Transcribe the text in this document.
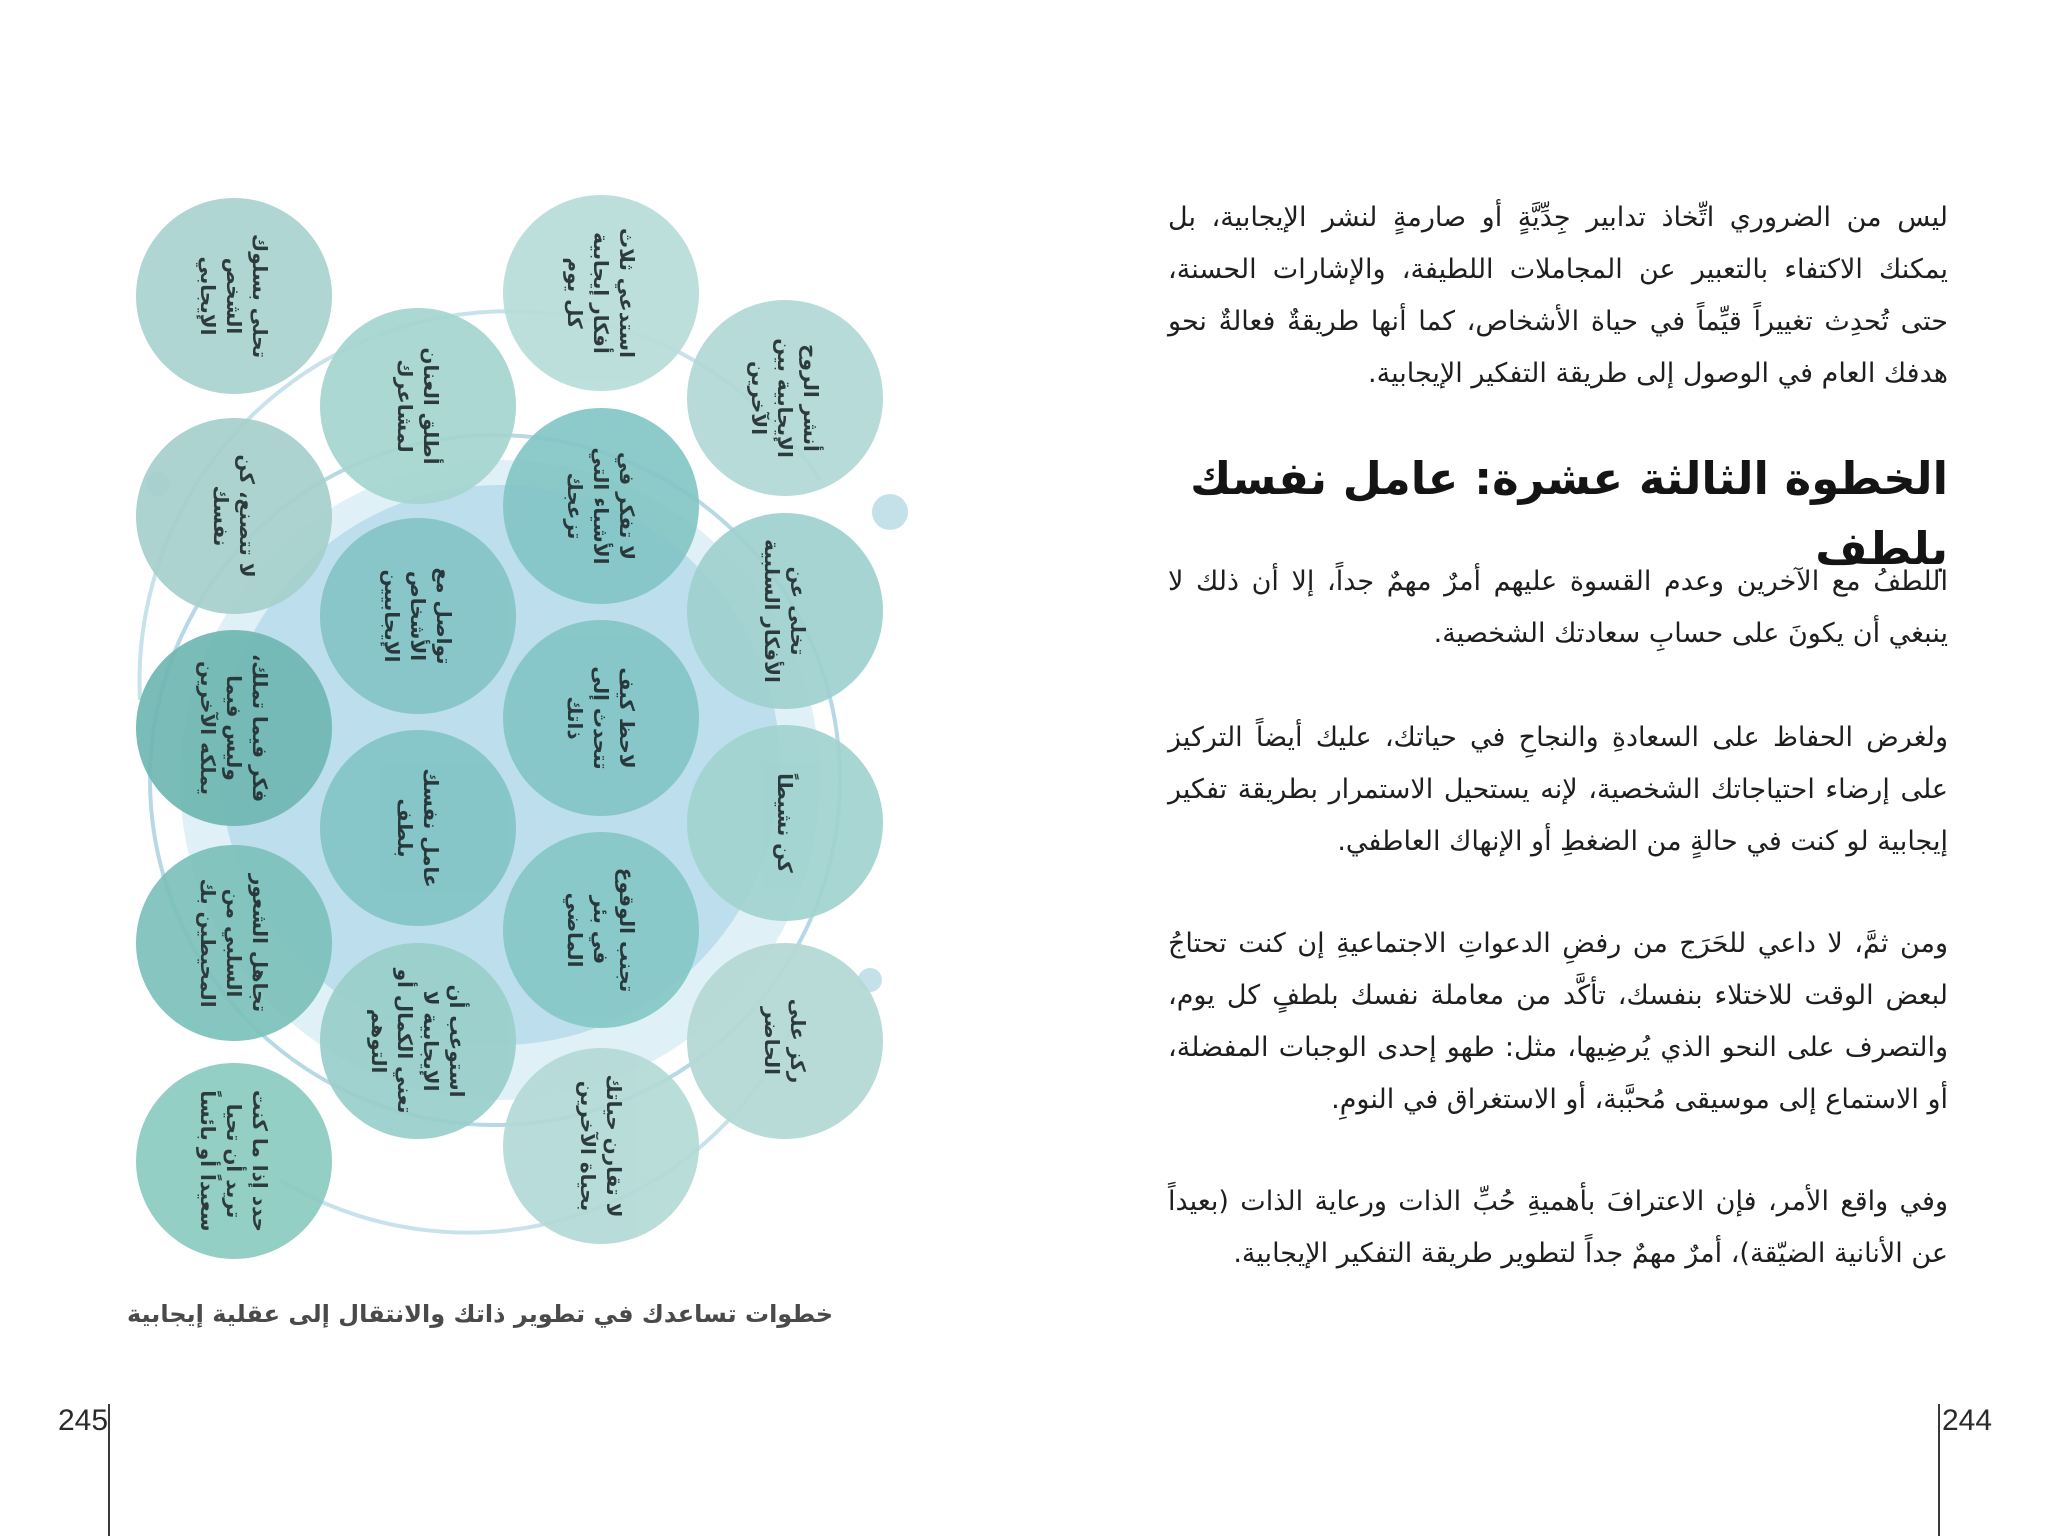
ليس من الضروري اتِّخاذ تدابير جِدِّيَّةٍ أو صارمةٍ لنشر الإيجابية، بل يمكنك الاكتفاء بالتعبير عن المجاملات اللطيفة، والإشارات الحسنة، حتى تُحدِث تغييراً قيِّماً في حياة الأشخاص، كما أنها طريقةٌ فعالةٌ نحو هدفك العام في الوصول إلى طريقة التفكير الإيجابية.
الخطوة الثالثة عشرة: عامل نفسك بلطف
اللطفُ مع الآخرين وعدم القسوة عليهم أمرٌ مهمٌ جداً، إلا أن ذلك لا ينبغي أن يكونَ على حسابِ سعادتك الشخصية.
ولغرض الحفاظ على السعادةِ والنجاحِ في حياتك، عليك أيضاً التركيز على إرضاء احتياجاتك الشخصية، لإنه يستحيل الاستمرار بطريقة تفكير إيجابية لو كنت في حالةٍ من الضغطِ أو الإنهاك العاطفي.
ومن ثمَّ، لا داعي للحَرَج من رفضِ الدعواتِ الاجتماعيةِ إن كنت تحتاجُ لبعض الوقت للاختلاء بنفسك، تأكَّد من معاملة نفسك بلطفٍ كل يوم، والتصرف على النحو الذي يُرضِيها، مثل: طهو إحدى الوجبات المفضلة، أو الاستماع إلى موسيقى مُحبَّبة، أو الاستغراق في النومِ.
وفي واقع الأمر، فإن الاعترافَ بأهميةِ حُبِّ الذات ورعاية الذات (بعيداً عن الأنانية الضيّقة)، أمرٌ مهمٌ جداً لتطوير طريقة التفكير الإيجابية.
244
تحلى بسلوك الشخص الإيجابي
لا تتصنع، كن نفسك
فكر فيما تملك، وليس فيما يملكه الآخرين
تجاهل الشعور السلبي من المحيطين بك
حدد إذا ما كنت تريد أن تحيا سعيداً أو بائساً
أطلق العنان لمشاعرك
تواصل مع الأشخاص الإيجابيين
عامل نفسك بلطف
استوعب أن الإيجابية لا تعني الكمال أو التوهم
استدعي ثلاث أفكار إيجابية كل يوم
لا تفكر في الأشياء التي تزعجك
لاحظ كيف تتحدث إلى ذاتك
تجنب الوقوع في بئر الماضي
لا تقارن حياتك بحياة الآخرين
أنشر الروح الإيجابية بين الآخرين
تخلى عن الأفكار السلبية
كن نشيطاً
ركز على الحاضر
خطوات تساعدك في تطوير ذاتك والانتقال إلى عقلية إيجابية
245
